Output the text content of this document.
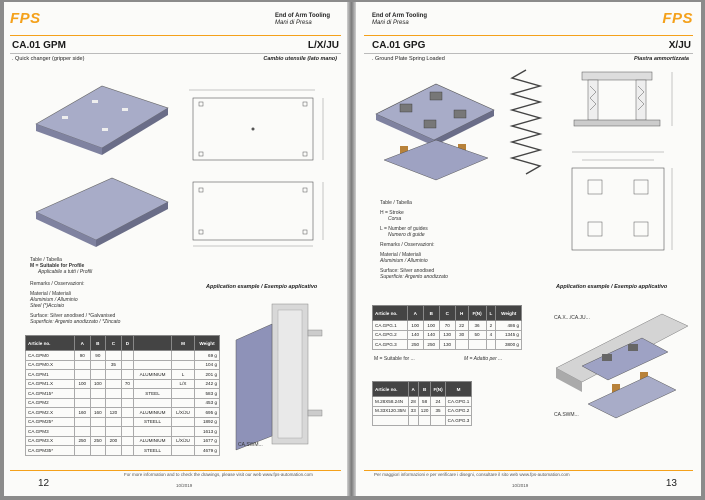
FPS	End of Arm Tooling
Mani di Presa
CA.01 GPM	L/X/JU
. Quick changer (gripper side)	Cambio utensile (lato mano)
Table / Tabella
M = Suitable for Profile
Applicabile a tutti i Profili
Remarks / Osservazioni:
Material / Materiali
Aluminium / Alluminio
Steel (*)Acciaio
Surface: Silver anodised / *Galvanised
Superficie: Argento anodizzato / *Zincato
Application example / Esempio applicativo
Article no.	A	B	C	D		M	Weight
CA.GPM0	90	90					69 g
CA.GPM0.X			35				104 g
CA.GPM1					ALUMINIUM	L	201 g
CA.GPM1.X	100	100		70		L/X	242 g
CA.GPM15*					STEEL		583 g
CA.GPM2							453 g
CA.GPM2.X	160	160	120		ALUMINIUM	L/X/JU	695 g
CA.GPM25*					STEELL		1892 g
CA.GPM3							1613 g
CA.GPM3.X	250	250	200		ALUMINIUM	L/X/JU	1677 g
CA.GPM35*					STEELL		4679 g
CA.SWM...
For more information and to check the drawings, please visit our web www.fps-automation.com
12	10/2019
FPS
End of Arm Tooling
Mani di Presa
CA.01 GPG	X/JU
. Ground Plate Spring Loaded	Piastra ammortizzata
Table / Tabella
H = Stroke
Corsa
L = Number of guides
Numero di guide
Remarks / Osservazioni:
Material / Materiali
Aluminium / Alluminio
Surface: Silver anodised
Superficie: Argento anodizzato
Application example / Esempio applicativo
Article no.	A	B	C	H	F(N)	L	Weight
CA.GPG.1	100	100	70	22	36	2	486 g
CA.GPG.2	140	140	130	30	50	4	1345 g
CA.GPG.3	250	250	130				3800 g
M = Suitable for ...	M = Adatto per ...
Article no.	A	B	F(N)	M
M.28X58.24N	28	58	24	CA.GPG.1
M.33X120.35N	33	120	35	CA.GPG.2
				CA.GPG.3
CA.X.../CA.JU...
CA.SWM...
Per maggiori informazioni e per verificare i disegni, consultare il sito web www.fps-automation.com
10/2019	13
